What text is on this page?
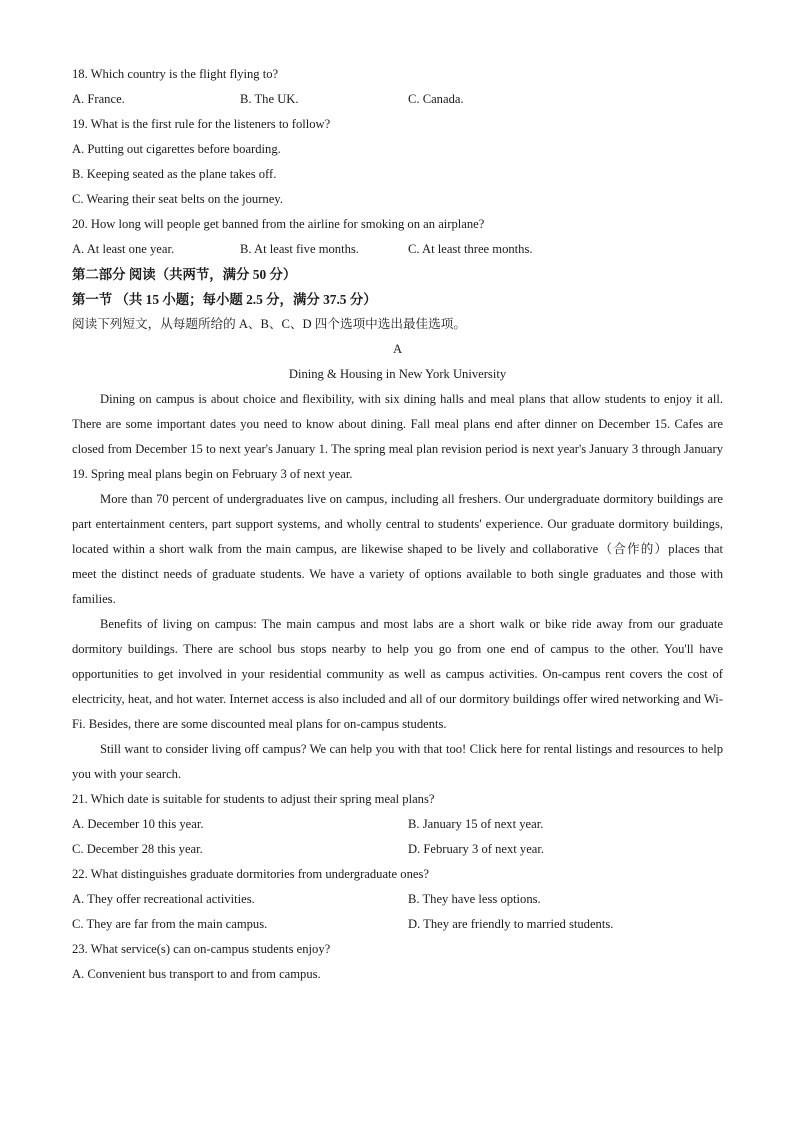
18. Which country is the flight flying to?
A. France.	B. The UK.	C. Canada.
19. What is the first rule for the listeners to follow?
A. Putting out cigarettes before boarding.
B. Keeping seated as the plane takes off.
C. Wearing their seat belts on the journey.
20. How long will people get banned from the airline for smoking on an airplane?
A. At least one year.	B. At least five months.	C. At least three months.
第二部分 阅读（共两节，满分 50 分）
第一节 （共 15 小题；每小题 2.5 分，满分 37.5 分）
阅读下列短文，从每题所给的 A、B、C、D 四个选项中选出最佳选项。
A
Dining & Housing in New York University

Dining on campus is about choice and flexibility, with six dining halls and meal plans that allow students to enjoy it all. There are some important dates you need to know about dining. Fall meal plans end after dinner on December 15. Cafes are closed from December 15 to next year's January 1. The spring meal plan revision period is next year's January 3 through January 19. Spring meal plans begin on February 3 of next year.

More than 70 percent of undergraduates live on campus, including all freshers. Our undergraduate dormitory buildings are part entertainment centers, part support systems, and wholly central to students' experience. Our graduate dormitory buildings, located within a short walk from the main campus, are likewise shaped to be lively and collaborative（合作的）places that meet the distinct needs of graduate students. We have a variety of options available to both single graduates and those with families.

Benefits of living on campus: The main campus and most labs are a short walk or bike ride away from our graduate dormitory buildings. There are school bus stops nearby to help you go from one end of campus to the other. You'll have opportunities to get involved in your residential community as well as campus activities. On-campus rent covers the cost of electricity, heat, and hot water. Internet access is also included and all of our dormitory buildings offer wired networking and Wi-Fi. Besides, there are some discounted meal plans for on-campus students.

Still want to consider living off campus? We can help you with that too! Click here for rental listings and resources to help you with your search.

21. Which date is suitable for students to adjust their spring meal plans?
A. December 10 this year.	B. January 15 of next year.
C. December 28 this year.	D. February 3 of next year.
22. What distinguishes graduate dormitories from undergraduate ones?
A. They offer recreational activities.	B. They have less options.
C. They are far from the main campus.	D. They are friendly to married students.
23. What service(s) can on-campus students enjoy?
A. Convenient bus transport to and from campus.
